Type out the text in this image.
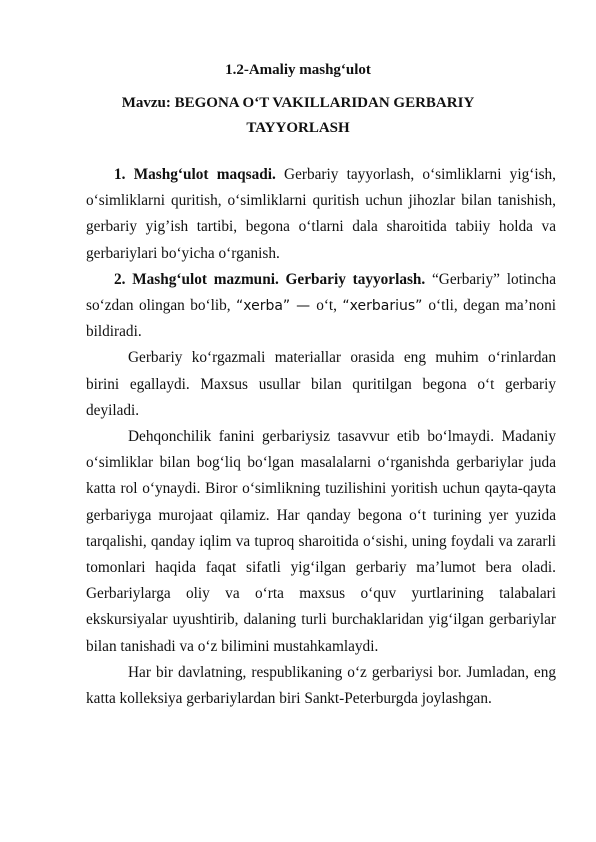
1.2-Amaliy mashg‘ulot
Mavzu: BEGONA O‘T VAKILLARIDAN GERBARIY
TAYYORLASH

1. Mashg‘ulot maqsadi. Gerbariy tayyorlash, o‘simliklarni yig‘ish, o‘simliklarni quritish, o‘simliklarni quritish uchun jihozlar bilan tanishish, gerbariy yig’ish tartibi, begona o‘tlarni dala sharoitida tabiiy holda va gerbariylari bo‘yicha o‘rganish.

2. Mashg‘ulot mazmuni. Gerbariy tayyorlash. “Gerbariy” lotincha so‘zdan olingan bo‘lib, “xerba” — o‘t, “xerbarius” o‘tli, degan ma’noni bildiradi.

Gerbariy ko‘rgazmali materiallar orasida eng muhim o‘rinlardan birini egallaydi. Maxsus usullar bilan quritilgan begona o‘t gerbariy deyiladi.

Dehqonchilik fanini gerbariysiz tasavvur etib bo‘lmaydi. Madaniy o‘simliklar bilan bog‘liq bo‘lgan masalalarni o‘rganishda gerbariylar juda katta rol o‘ynaydi. Biror o‘simlikning tuzilishini yoritish uchun qayta-qayta gerbariyga murojaat qilamiz. Har qanday begona o‘t turining yer yuzida tarqalishi, qanday iqlim va tuproq sharoitida o‘sishi, uning foydali va zararli tomonlari haqida faqat sifatli yig‘ilgan gerbariy ma’lumot bera oladi. Gerbariylarga oliy va o‘rta maxsus o‘quv yurtlarining talabalari ekskursiyalar uyushtirib, dalaning turli burchaklaridan yig‘ilgan gerbariylar bilan tanishadi va o‘z bilimini mustahkamlaydi.

Har bir davlatning, respublikaning o‘z gerbariysi bor. Jumladan, eng katta kolleksiya gerbariylardan biri Sankt-Peterburgda joylashgan.
